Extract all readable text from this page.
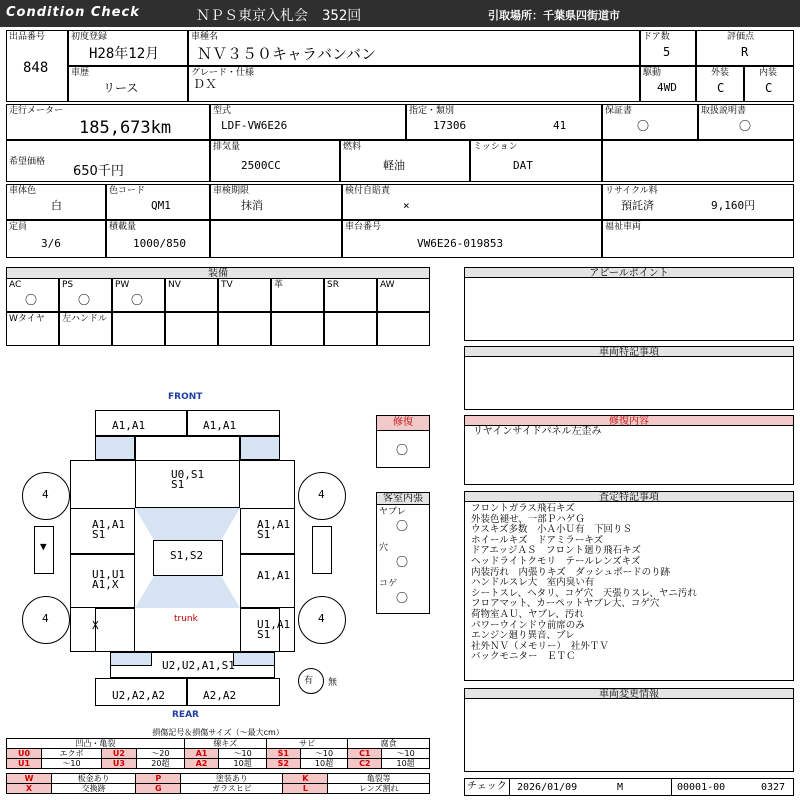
Condition Check	ＮＰＳ東京入札会　352回	引取場所：千葉県四街道市
出品番号
848
初度登録
H28年12月
車種名
ＮＶ３５０キャラバンバン
ドア数
5
評価点
R
車歴
リース
グレード・仕様
ＤＸ
駆動
4WD
外装
C
内装
C
走行メーター
185,673km
型式
LDF-VW6E26
指定・類別
17306	41
保証書
〇
取扱説明書
〇
希望価格
650千円
排気量
2500CC
燃料
軽油
ミッション
DAT
車体色
白
色コード
QM1
車検期限
抹消
検付自賠責
×
リサイクル料
預託済	9,160円
定員
3/6
積載量
1000/850
車台番号
VW6E26-019853
福祉車両
装備
AC
〇
PS
〇
PW
〇
NV	TV	革	SR	AW
Wタイヤ 左ハンドル
アピールポイント
車両特記事項
修復内容
リヤインサイドパネル左歪み
査定特記事項
フロントガラス飛石キズ
外装色褪せ、一部ＰハゲＧ
ウスキズ多数　小Ａ小Ｕ有　下回りＳ
ホイールキズ　ドアミラーキズ
ドアエッジＡＳ　フロント廻り飛石キズ
ヘッドライトクモリ　テールレンズキズ
内装汚れ　内張りキズ　ダッシュボードのり跡
ハンドルスレ大　室内臭い有
シートスレ、ヘタリ、コゲ穴　天張りスレ、ヤニ汚れ
フロアマット、カーペットヤブレ大、コゲ穴
荷物室ＡＵ、ヤブレ、汚れ
パワーウインドウ前席のみ
エンジン廻り異音、ブレ
社外ＮＶ（メモリー）　社外ＴＶ
バックモニター　ＥＴＣ
車両変更情報
チェック 2026/01/09	M	00001-00	0327
修復
〇
客室内張
ヤブレ
〇
穴
〇
コゲ
〇
FRONT
REAR
trunk
▼
4	4
4	4
有 無
A1,A1	A1,A1
U0,S1
S1
A1,A1
S1
A1,A1
S1
U1,U1
A1,X
A1,A1
S1,S2
X	U1,A1
S1
U2,U2,A1,S1
U2,A2,A2	A2,A2
損傷記号＆損傷サイズ（〜最大cm）
凹凸・亀裂				線キズ		サビ		腐食	
U0	エクボ	U2	〜20	A1	〜10	S1	〜10	C1	〜10
U1	〜10	U3	20超	A2	10超	S2	10超	C2	10超
W	板金あり	P	塗装あり	K	亀裂等
X	交換跡	G	ガラスヒビ	L	レンズ割れ
